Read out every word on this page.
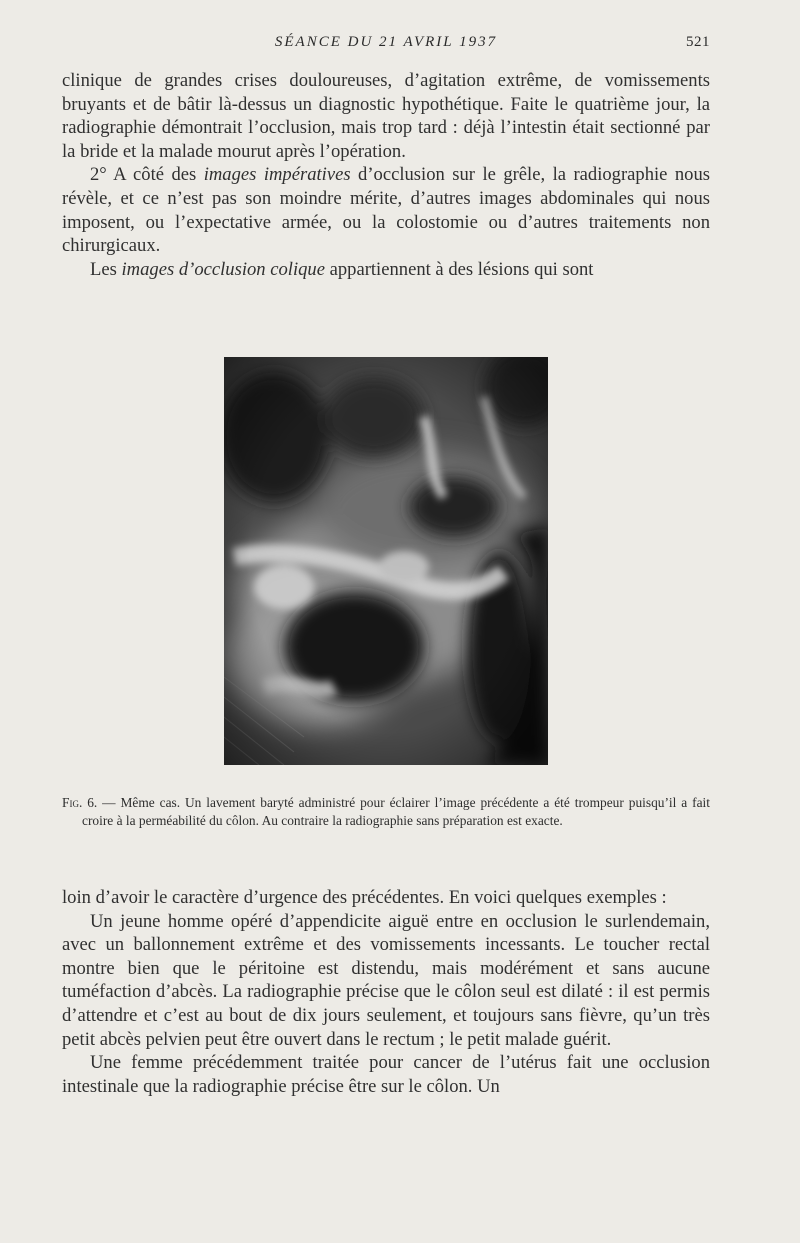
SÉANCE DU 21 AVRIL 1937	521

clinique de grandes crises douloureuses, d’agitation extrême, de vomissements bruyants et de bâtir là-dessus un diagnostic hypothétique. Faite le quatrième jour, la radiographie démontrait l’occlusion, mais trop tard : déjà l’intestin était sectionné par la bride et la malade mourut après l’opération.

2° A côté des images impératives d’occlusion sur le grêle, la radiographie nous révèle, et ce n’est pas son moindre mérite, d’autres images abdominales qui nous imposent, ou l’expectative armée, ou la colostomie ou d’autres traitements non chirurgicaux.

Les images d’occlusion colique appartiennent à des lésions qui sont

Fig. 6. — Même cas. Un lavement baryté administré pour éclairer l’image précédente a été trompeur puisqu’il a fait croire à la perméabilité du côlon. Au contraire la radiographie sans préparation est exacte.

loin d’avoir le caractère d’urgence des précédentes. En voici quelques exemples :

Un jeune homme opéré d’appendicite aiguë entre en occlusion le surlendemain, avec un ballonnement extrême et des vomissements incessants. Le toucher rectal montre bien que le péritoine est distendu, mais modérément et sans aucune tuméfaction d’abcès. La radiographie précise que le côlon seul est dilaté : il est permis d’attendre et c’est au bout de dix jours seulement, et toujours sans fièvre, qu’un très petit abcès pelvien peut être ouvert dans le rectum ; le petit malade guérit.

Une femme précédemment traitée pour cancer de l’utérus fait une occlusion intestinale que la radiographie précise être sur le côlon. Un
